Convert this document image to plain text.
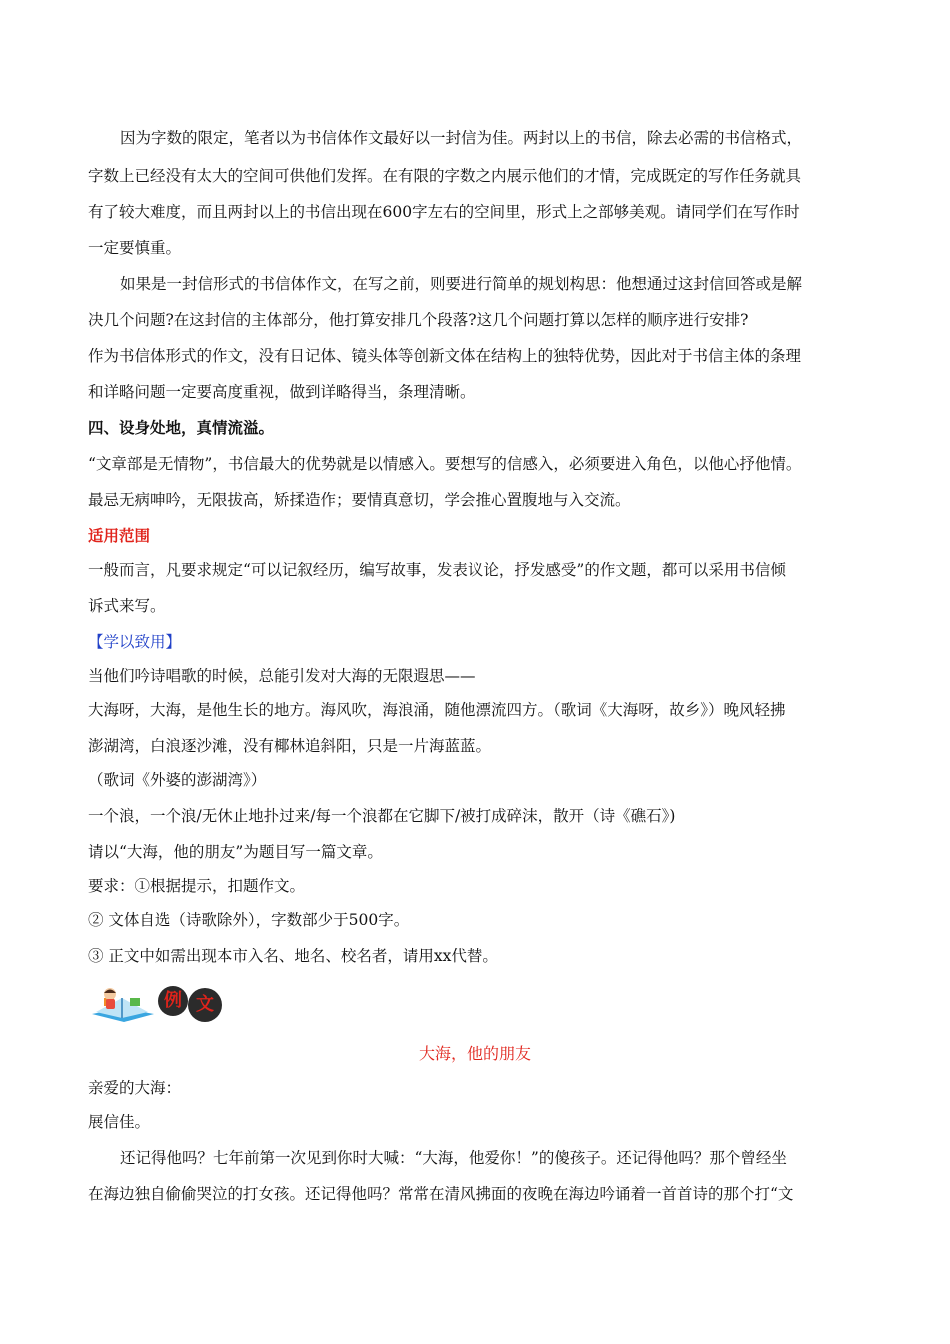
因为字数的限定，笔者以为书信体作文最好以一封信为佳。两封以上的书信，除去必需的书信格式，
字数上已经没有太大的空间可供他们发挥。在有限的字数之内展示他们的才情，完成既定的写作任务就具
有了较大难度，而且两封以上的书信出现在600字左右的空间里，形式上之部够美观。请同学们在写作时
一定要慎重。
如果是一封信形式的书信体作文，在写之前，则要进行简单的规划构思：他想通过这封信回答或是解
决几个问题?在这封信的主体部分，他打算安排几个段落?这几个问题打算以怎样的顺序进行安排?
作为书信体形式的作文，没有日记体、镜头体等创新文体在结构上的独特优势，因此对于书信主体的条理
和详略问题一定要高度重视，做到详略得当，条理清晰。
四、设身处地，真情流溢。
“文章部是无情物”，书信最大的优势就是以情感入。要想写的信感入，必须要进入角色，以他心抒他情。
最忌无病呻吟，无限拔高，矫揉造作；要情真意切，学会推心置腹地与入交流。
适用范围
一般而言，凡要求规定“可以记叙经历，编写故事，发表议论，抒发感受”的作文题，都可以采用书信倾
诉式来写。
【学以致用】
当他们吟诗唱歌的时候，总能引发对大海的无限遐思——
大海呀，大海，是他生长的地方。海风吹，海浪涌，随他漂流四方。（歌词《大海呀，故乡》）晚风轻拂
澎湖湾，白浪逐沙滩，没有椰林追斜阳，只是一片海蓝蓝。
（歌词《外婆的澎湖湾》）
一个浪，一个浪/无休止地扑过来/每一个浪都在它脚下/被打成碎沫，散开（诗《礁石》)
请以“大海，他的朋友”为题目写一篇文章。
要求：①根据提示，扣题作文。
② 文体自选（诗歌除外），字数部少于500字。
③ 正文中如需出现本市入名、地名、校名者，请用xx代替。
例 文
大海，他的朋友
亲爱的大海：
展信佳。
还记得他吗？七年前第一次见到你时大喊：“大海，他爱你！”的傻孩子。还记得他吗？那个曾经坐
在海边独自偷偷哭泣的打女孩。还记得他吗？常常在清风拂面的夜晚在海边吟诵着一首首诗的那个打“文
